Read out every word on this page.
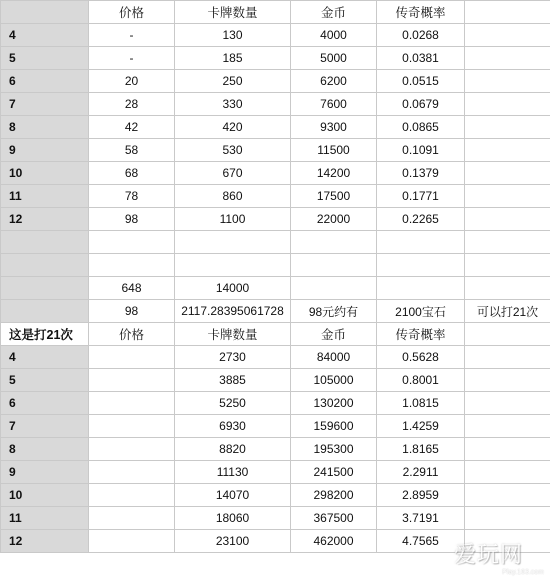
	价格	卡牌数量	金币	传奇概率	
4	-	130	4000	0.0268	
5	-	185	5000	0.0381	
6	20	250	6200	0.0515	
7	28	330	7600	0.0679	
8	42	420	9300	0.0865	
9	58	530	11500	0.1091	
10	68	670	14200	0.1379	
11	78	860	17500	0.1771	
12	98	1100	22000	0.2265	

	648	14000			
	98	2117.28395061728	98元约有	2100宝石	可以打21次
这是打21次	价格	卡牌数量	金币	传奇概率	
4		2730	84000	0.5628	
5		3885	105000	0.8001	
6		5250	130200	1.0815	
7		6930	159600	1.4259	
8		8820	195300	1.8165	
9		11130	241500	2.2911	
10		14070	298200	2.8959	
11		18060	367500	3.7191	
12		23100	462000	4.7565	
爱玩网
Play.163.com
